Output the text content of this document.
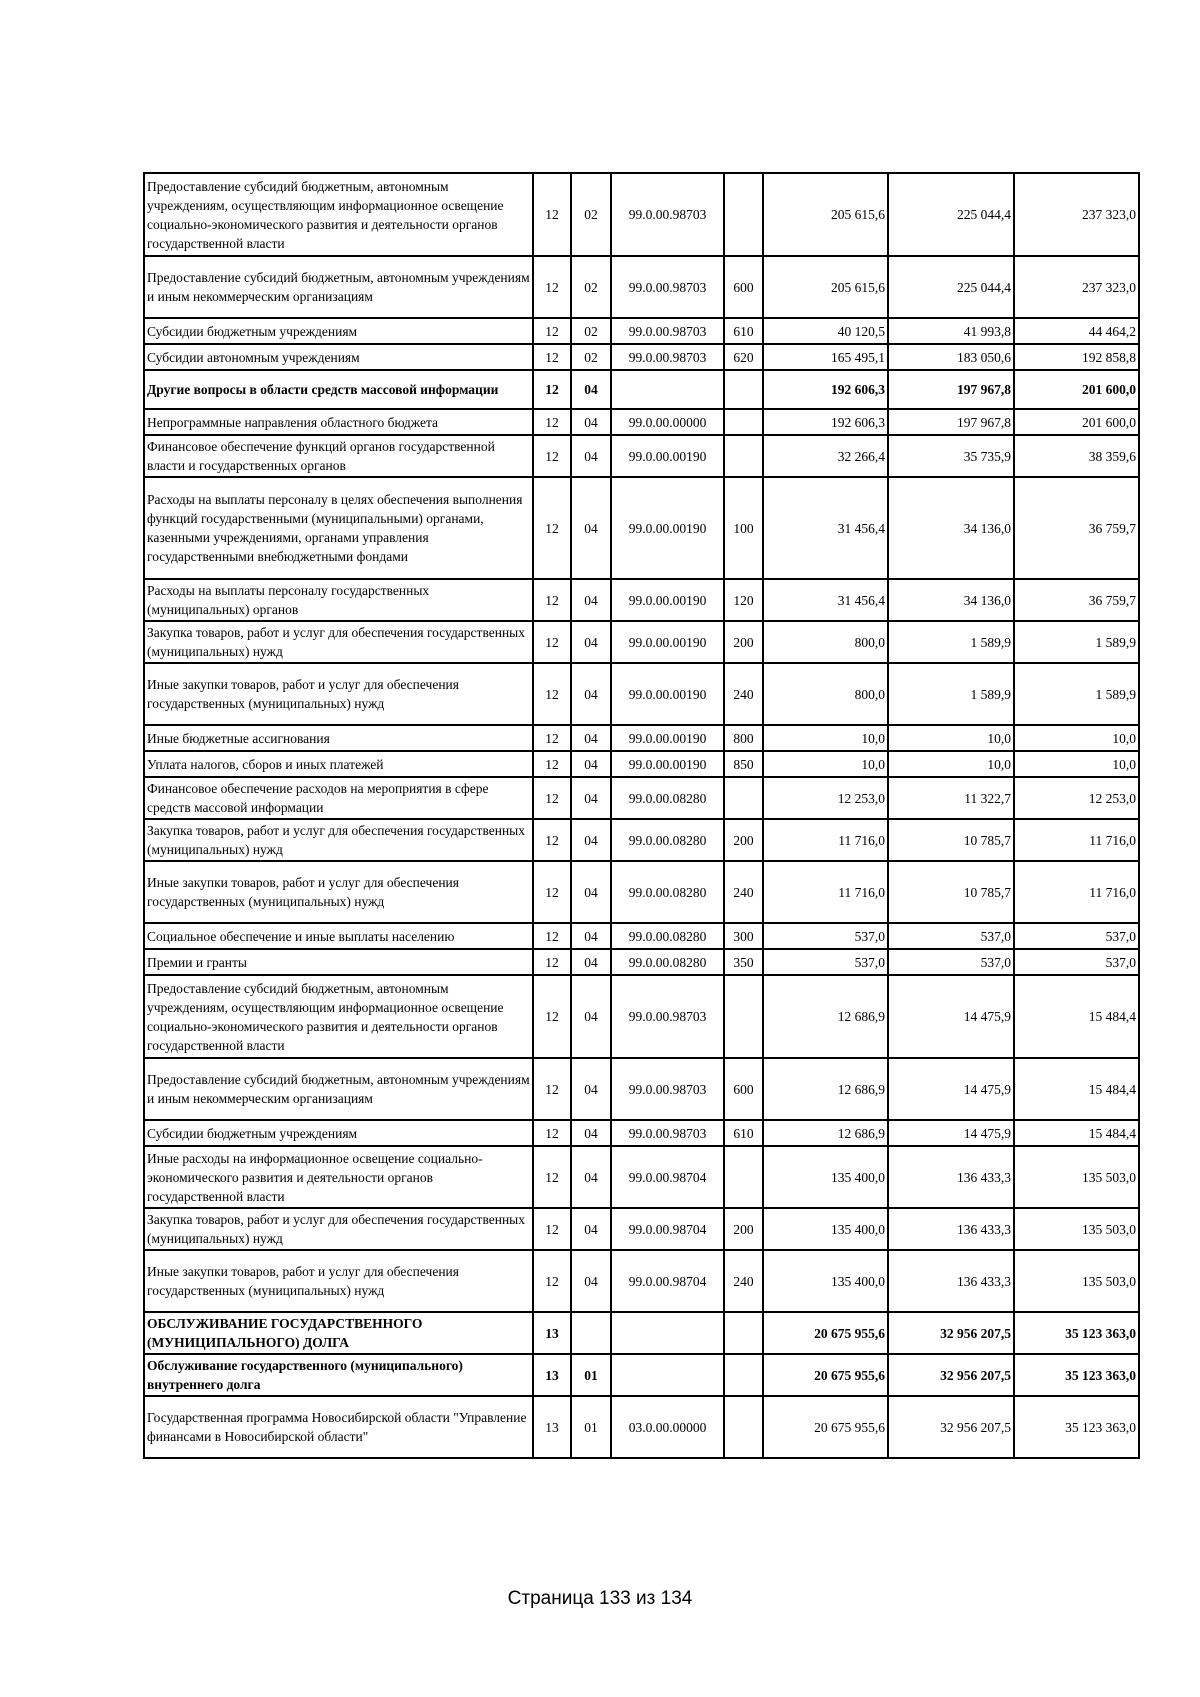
Предоставление субсидий бюджетным, автономным учреждениям, осуществляющим информационное освещение социально-экономического развития и деятельности органов государственной власти	12	02	99.0.00.98703		205 615,6	225 044,4	237 323,0
Предоставление субсидий бюджетным, автономным учреждениям и иным некоммерческим организациям	12	02	99.0.00.98703	600	205 615,6	225 044,4	237 323,0
Субсидии бюджетным учреждениям	12	02	99.0.00.98703	610	40 120,5	41 993,8	44 464,2
Субсидии автономным учреждениям	12	02	99.0.00.98703	620	165 495,1	183 050,6	192 858,8
Другие вопросы в области средств массовой информации	12	04			192 606,3	197 967,8	201 600,0
Непрограммные направления областного бюджета	12	04	99.0.00.00000		192 606,3	197 967,8	201 600,0
Финансовое обеспечение функций органов государственной власти и государственных органов	12	04	99.0.00.00190		32 266,4	35 735,9	38 359,6
Расходы на выплаты персоналу в целях обеспечения выполнения функций государственными (муниципальными) органами, казенными учреждениями, органами управления государственными внебюджетными фондами	12	04	99.0.00.00190	100	31 456,4	34 136,0	36 759,7
Расходы на выплаты персоналу государственных (муниципальных) органов	12	04	99.0.00.00190	120	31 456,4	34 136,0	36 759,7
Закупка товаров, работ и услуг для обеспечения государственных (муниципальных) нужд	12	04	99.0.00.00190	200	800,0	1 589,9	1 589,9
Иные закупки товаров, работ и услуг для обеспечения государственных (муниципальных) нужд	12	04	99.0.00.00190	240	800,0	1 589,9	1 589,9
Иные бюджетные ассигнования	12	04	99.0.00.00190	800	10,0	10,0	10,0
Уплата налогов, сборов и иных платежей	12	04	99.0.00.00190	850	10,0	10,0	10,0
Финансовое обеспечение расходов на мероприятия в сфере средств массовой информации	12	04	99.0.00.08280		12 253,0	11 322,7	12 253,0
Закупка товаров, работ и услуг для обеспечения государственных (муниципальных) нужд	12	04	99.0.00.08280	200	11 716,0	10 785,7	11 716,0
Иные закупки товаров, работ и услуг для обеспечения государственных (муниципальных) нужд	12	04	99.0.00.08280	240	11 716,0	10 785,7	11 716,0
Социальное обеспечение и иные выплаты населению	12	04	99.0.00.08280	300	537,0	537,0	537,0
Премии и гранты	12	04	99.0.00.08280	350	537,0	537,0	537,0
Предоставление субсидий бюджетным, автономным учреждениям, осуществляющим информационное освещение социально-экономического развития и деятельности органов государственной власти	12	04	99.0.00.98703		12 686,9	14 475,9	15 484,4
Предоставление субсидий бюджетным, автономным учреждениям и иным некоммерческим организациям	12	04	99.0.00.98703	600	12 686,9	14 475,9	15 484,4
Субсидии бюджетным учреждениям	12	04	99.0.00.98703	610	12 686,9	14 475,9	15 484,4
Иные расходы на информационное освещение социально-экономического развития и деятельности органов государственной власти	12	04	99.0.00.98704		135 400,0	136 433,3	135 503,0
Закупка товаров, работ и услуг для обеспечения государственных (муниципальных) нужд	12	04	99.0.00.98704	200	135 400,0	136 433,3	135 503,0
Иные закупки товаров, работ и услуг для обеспечения государственных (муниципальных) нужд	12	04	99.0.00.98704	240	135 400,0	136 433,3	135 503,0
ОБСЛУЖИВАНИЕ ГОСУДАРСТВЕННОГО (МУНИЦИПАЛЬНОГО) ДОЛГА	13				20 675 955,6	32 956 207,5	35 123 363,0
Обслуживание государственного (муниципального) внутреннего долга	13	01			20 675 955,6	32 956 207,5	35 123 363,0
Государственная программа Новосибирской области "Управление финансами в Новосибирской области"	13	01	03.0.00.00000		20 675 955,6	32 956 207,5	35 123 363,0
Страница 133 из 134
